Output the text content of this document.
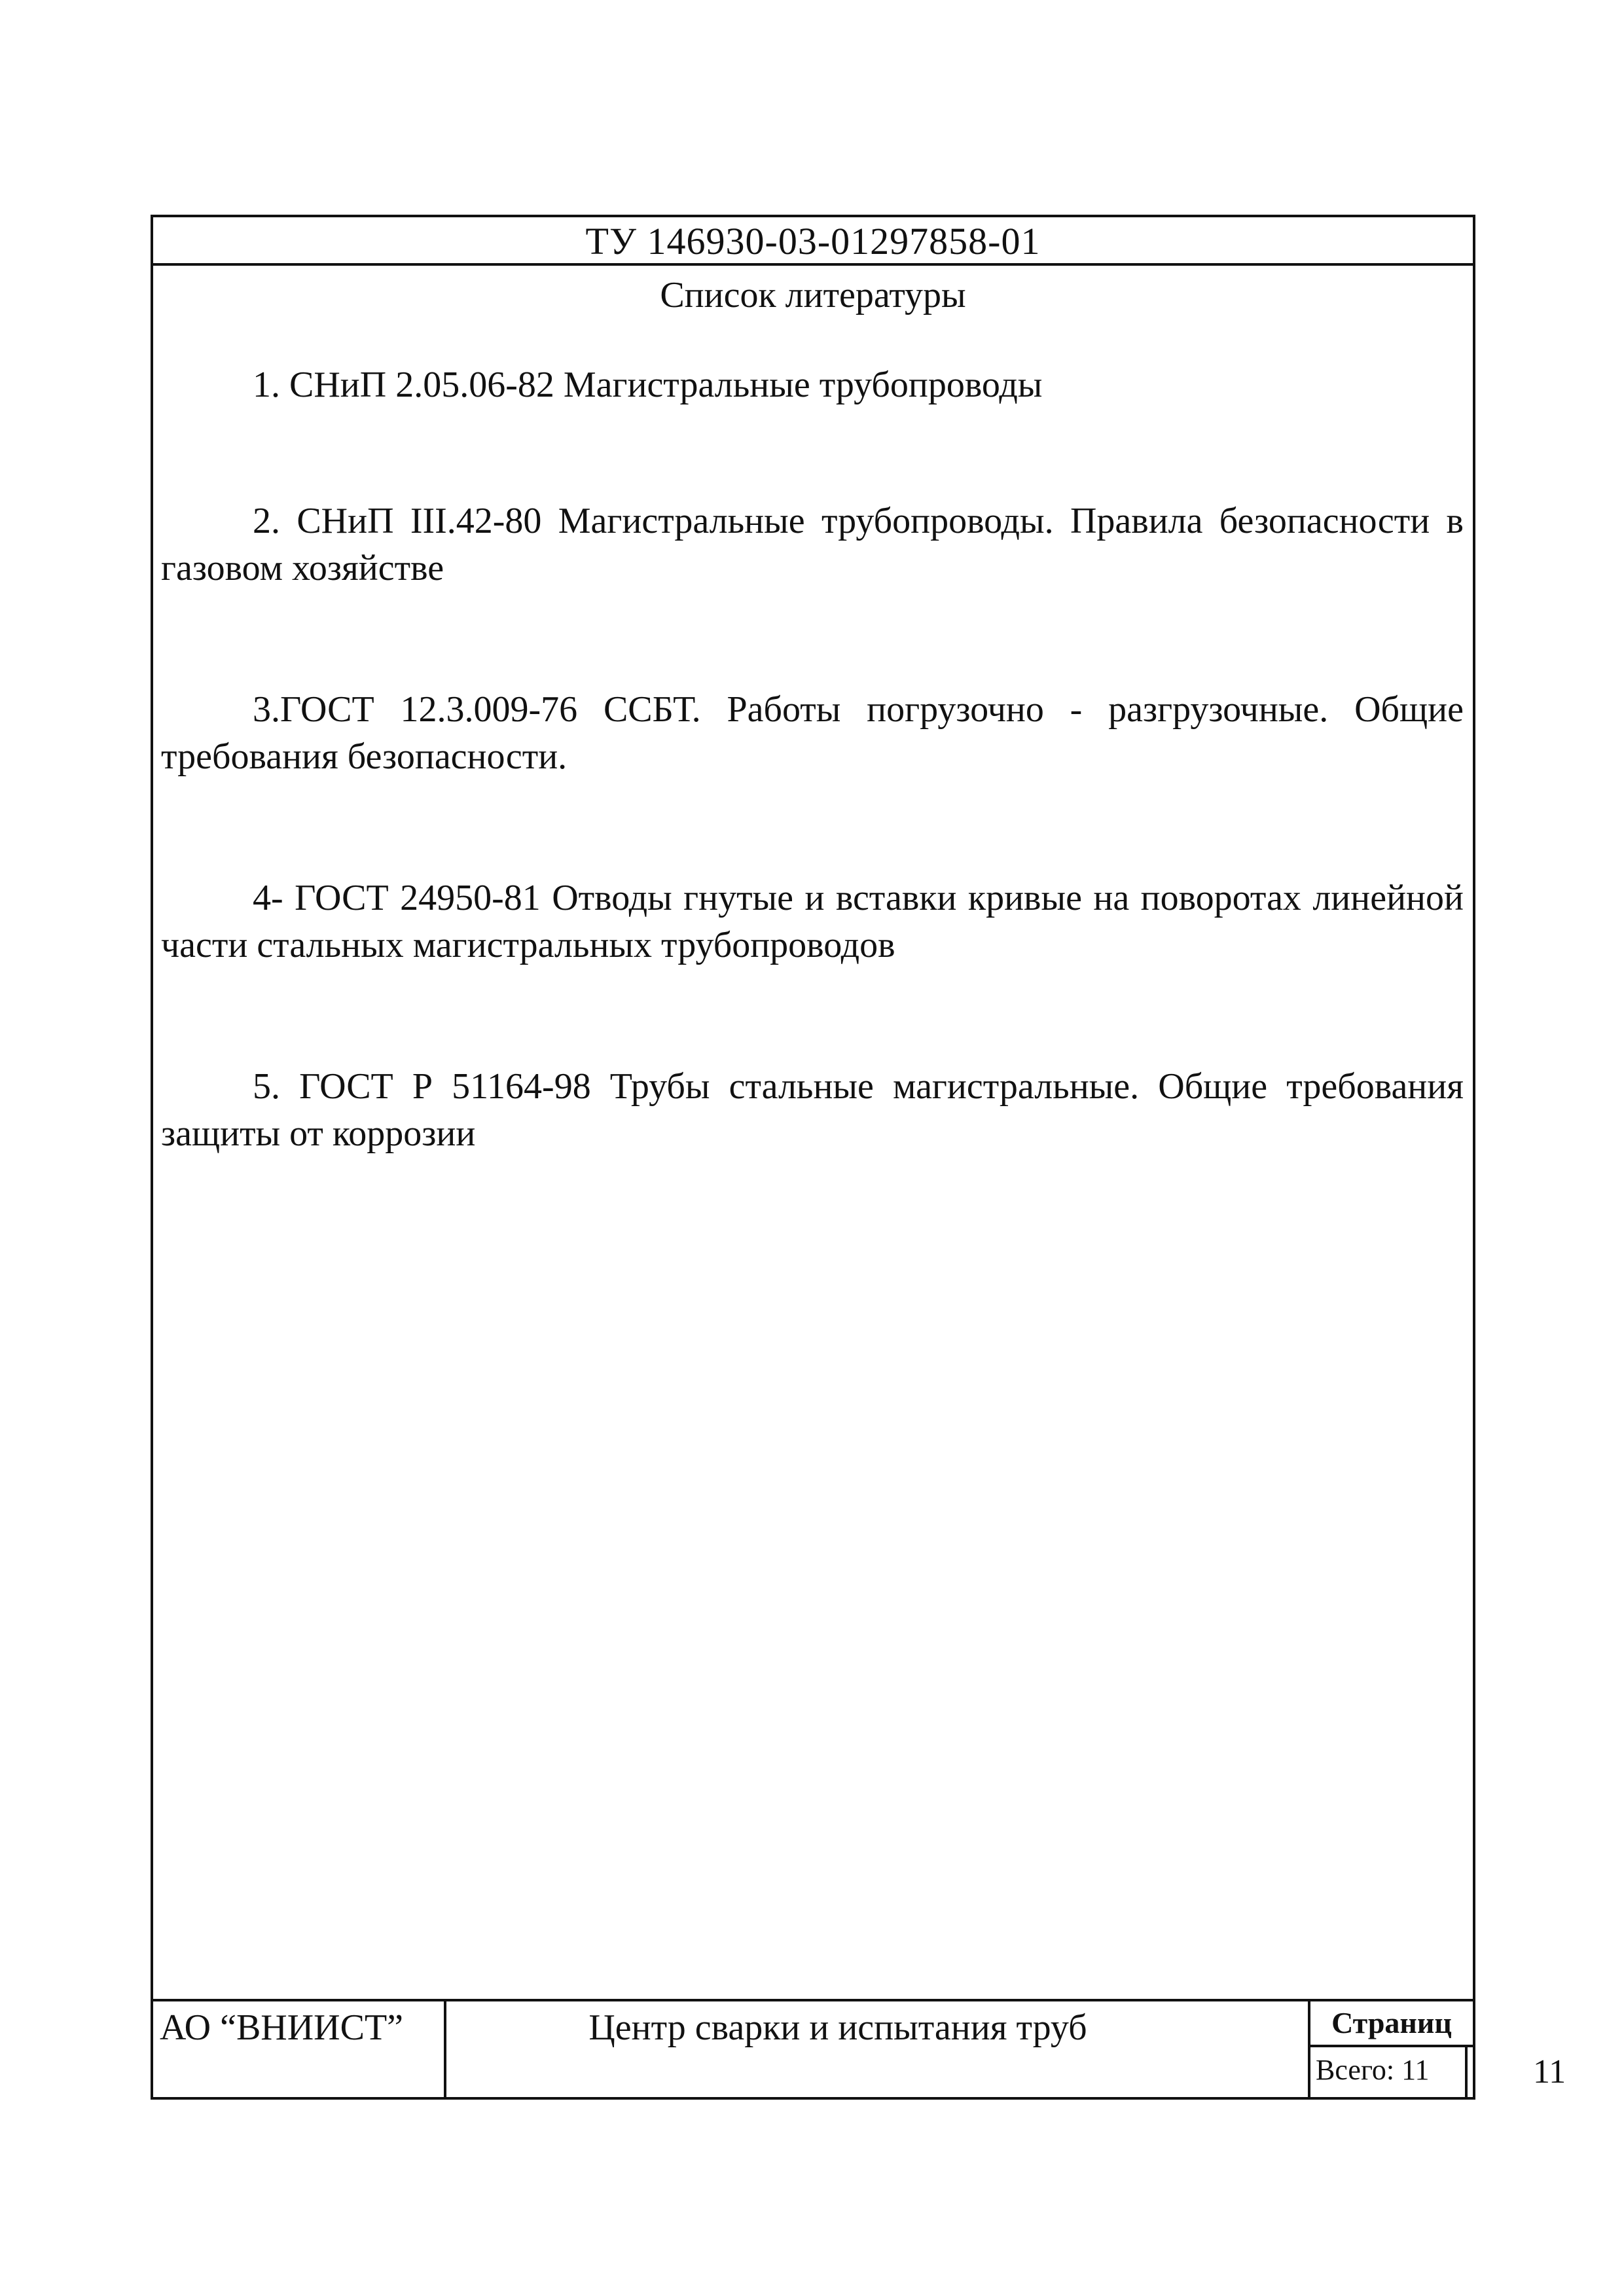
ТУ 146930-03-01297858-01
Список литературы

1. СНиП 2.05.06-82 Магистральные трубопроводы

2. СНиП III.42-80 Магистральные трубопроводы. Правила безопасности в газовом хозяйстве

3.ГОСТ 12.3.009-76 ССБТ. Работы погрузочно - разгрузочные. Общие требования безопасности.

4- ГОСТ 24950-81 Отводы гнутые и вставки кривые на поворотах линейной части стальных магистральных трубопроводов

5. ГОСТ Р 51164-98 Трубы стальные магистральные. Общие требования защиты от коррозии

АО “ВНИИСТ”	Центр сварки и испытания труб	Страниц
Всего: 11	11
